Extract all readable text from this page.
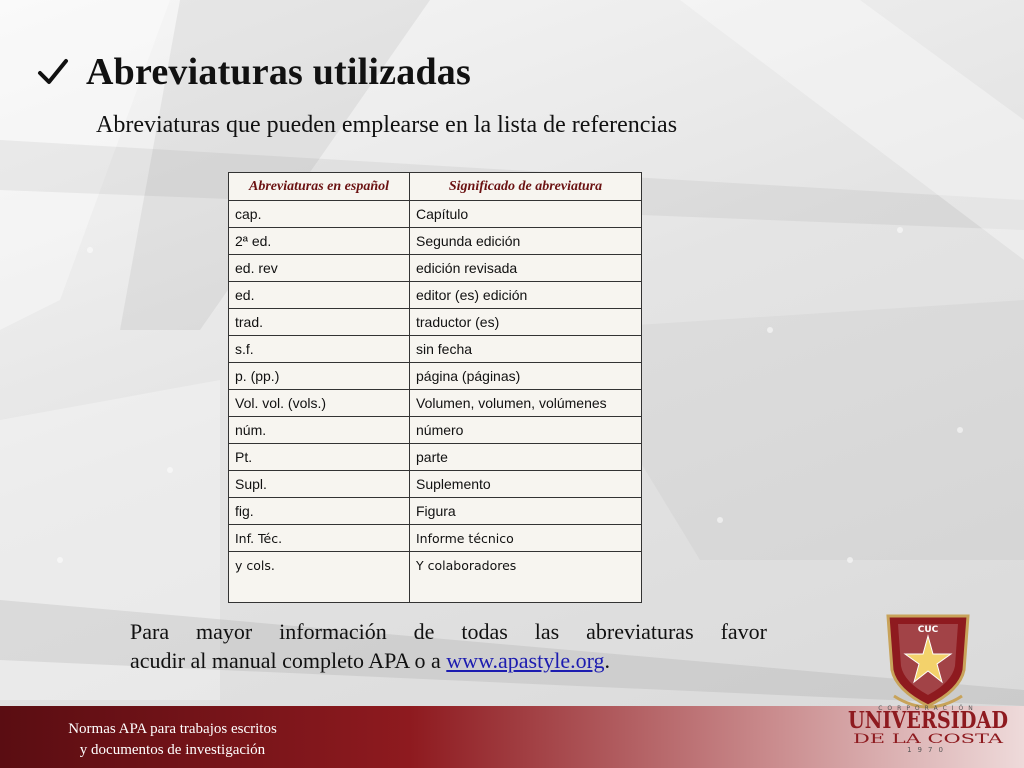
Abreviaturas utilizadas
Abreviaturas que pueden emplearse en la lista de referencias
Abreviaturas en español	Significado de abreviatura
cap.	Capítulo
2ª ed.	Segunda edición
ed. rev	edición revisada
ed.	editor (es) edición
trad.	traductor (es)
s.f.	sin fecha
p. (pp.)	página (páginas)
Vol. vol. (vols.)	Volumen, volumen, volúmenes
núm.	número
Pt.	parte
Supl.	Suplemento
fig.	Figura
Inf. Téc.	Informe técnico
y cols.	Y colaboradores
Para mayor información de todas las abreviaturas favor
acudir al manual completo APA o a www.apastyle.org.
Normas APA para trabajos escritos
y documentos de investigación
CUC
CORPORACIÓN
UNIVERSIDAD
DE LA COSTA
1970
